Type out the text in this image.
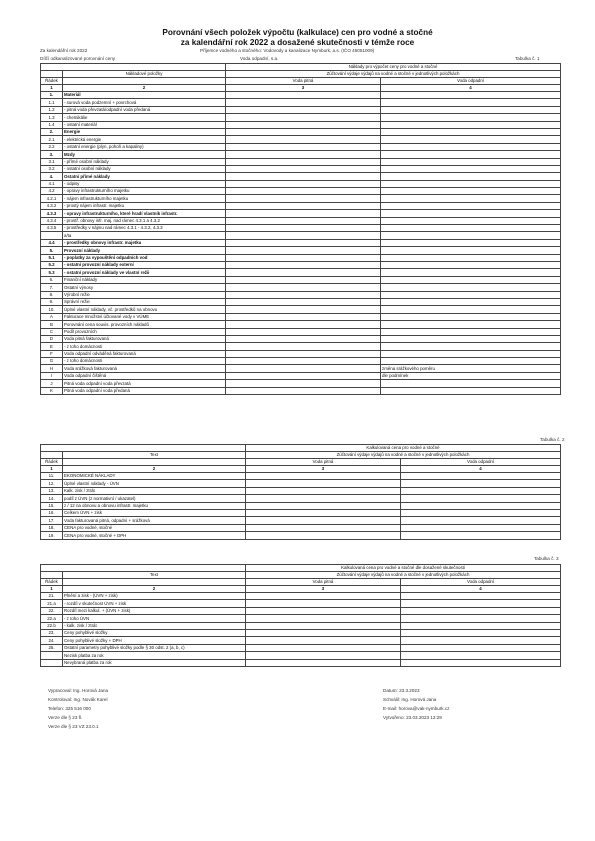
Porovnání všech položek výpočtu (kalkulace) cen pro vodné a stočné
za kalendářní rok 2022 a dosažené skutečnosti v témže roce
Za kalendářní rok 2022	Příjemce vodného a stočného: Vodovody a kanalizace Nymburk, a.s. (IČO 45051009)
Dílčí odkanalizované porovnání ceny	Voda odpadní, s.a.	Tabulka č. 1
		Náklady pro výpočet ceny pro vodné a stočné	
	Nákladové položky	Zúčtování výdaje výdajů na vodné a stočné v jednotlivých položkách	
Řádek		Voda pitná	Voda odpadní
1	2	3	4
1.	Materiál		
1.1	- surová voda podzemní + povrchová		
1.2	- pitná voda převzatá/odpadní voda předaná		
1.3	- chemikálie		
1.4	- ostatní materiál		
2.	Energie		
2.1	- elektrická energie		
2.2	- ostatní energie (plyn, pohoň a kapaliny)		
3.	Mzdy		
3.1	- přímé osobní náklady		
3.2	- ostatní osobní náklady		
4.	Ostatní přímé náklady		
4.1	- odpisy		
4.2	- opravy infrastrukturního majetku		
4.2.1	- nájem infrastrukturního majetku		
4.3.2	- prostý nájem infrastr. majetku		
4.3.3	- opravy infrastrukturního, které hradí vlastník infrastr.		
4.3.4	- prostř. obnovy infr. maj. nad rámec 4.3.1 a 4.3.2		
4.3.5	- prostředky v nájmu nad rámec 4.3.1 - 4.3.2, 4.3.3		
	a/ta		
4.4	- prostředky obnovy infrastr. majetku		
5.	Provozní náklady		
5.1	- poplatky za vypouštění odpadních vod		
5.2	- ostatní provozní náklady externí		
5.3	- ostatní provozní náklady ve vlastní režii		
6.	Finanční náklady		
7.	Ostatní výnosy		
8.	Výrobní režie		
9.	Správní režie		
10.	Úplné vlastní náklady, vč. prostředků na obnovu		
A	Fakturace množství účtované vody v VÚME		
B	Porovnání cena souvis. provozních nákladů		
C	Podíl provozních		
D	Voda pitná fakturovaná		
E	- z toho domácnosti		
F	Voda odpadní odváděná fakturovaná		
G	- z toho domácnosti		
H	Voda srážková fakturovaná		změna srážkového poměru
I	Voda odpadní čištěná		dle podmínek
J	Pitná voda odpadní voda převzatá		
K	Pitná voda odpadní voda předaná		
Tabulka č. 2
		Kalkulovaná cena pro vodné a stočné	
	Text	Zúčtování výdaje výdajů na vodné a stočné v jednotlivých položkách	
Řádek		Voda pitná	Voda odpadní
1	2	3	4
11.	EKONOMICKÉ NÁKLADY		
12.	Úplné vlastní náklady - ÚVN		
13.	Kalk. zisk / ztrát		
14.	podíl z ÚVN (z normativní / ukazatel)		
15.	z / 12 na obnovu a obnovu infrastr. majetku		
16.	Celkem ÚVN + zisk		
17.	Voda fakturovaná pitná, odpadní + srážková		
18.	CENA pro vodné, stočné		
19.	CENA pro vodné, stočné + DPH		
Tabulka č. 3
		Kalkulovaná cena pro vodné a stočné dle dosažené skutečnosti	
	Text	Zúčtování výdaje výdajů na vodné a stočné v jednotlivých položkách	
Řádek		Voda pitná	Voda odpadní
1	2	3	4
21.	Plnění a zisk - (ÚVN + zisk)		
21.a	- rozdíl v skutečnost ÚVN + zisk		
22.	Rozdíl mezi kalkul. + (ÚVN + zisk)		
22.a	- z toho ÚVN		
22.b	- kalk. zisk / ztrát		
23.	Ceny pohyblivé složky		
24.	Ceny pohyblivé složky + DPH		
25.	Ostatní parametry pohyblivé složky podle § 30 odst. 2 (a, b, c)		
	Nezisk platba za rok		
	Nevybraná platba za rok		
Vypracoval: Ing. Horová Jana
Kontroloval: Ing. Novák Karel
Telefon: 325 516 000
Verze dle § 23 fl.
Verze dle § 23 VZ 23.0.1
Datum: 23.3.2023
Schválil: Ing. Horová Jana
E-mail: horova@vak-nymburk.cz
Vytvořeno: 23.03.2023 13:29
